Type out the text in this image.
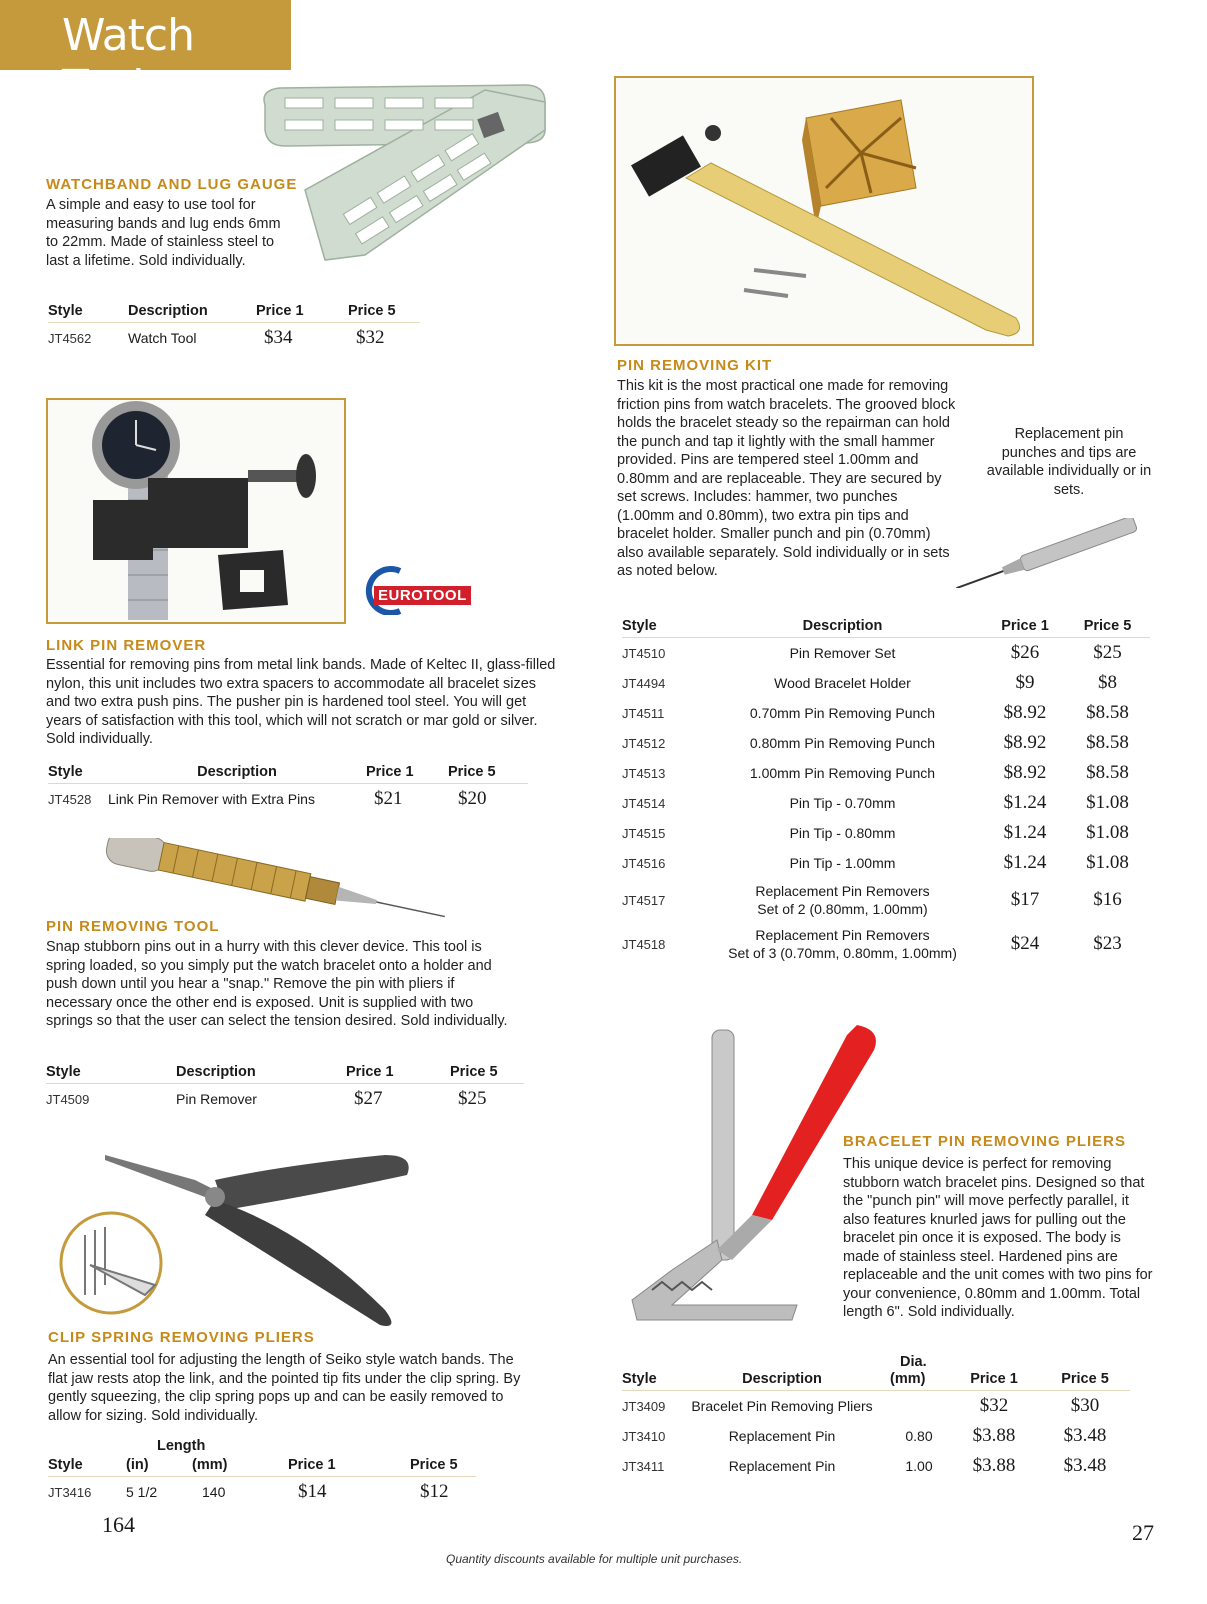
Watch Tools
WATCHBAND AND LUG GAUGE
A simple and easy to use tool for measuring bands and lug ends 6mm to 22mm. Made of stainless steel to last a lifetime. Sold individually.
Style	Description	Price 1	Price 5
JT4562	Watch Tool	$34	$32
EUROTOOL
LINK PIN REMOVER
Essential for removing pins from metal link bands. Made of Keltec II, glass-filled nylon, this unit includes two extra spacers to accommodate all bracelet sizes and two extra push pins. The pusher pin is hardened tool steel. You will get years of satisfaction with this tool, which will not scratch or mar gold or silver. Sold individually.
Style	Description	Price 1	Price 5
JT4528	Link Pin Remover with Extra Pins	$21	$20
PIN REMOVING TOOL
Snap stubborn pins out in a hurry with this clever device. This tool is spring loaded, so you simply put the watch bracelet onto a holder and push down until you hear a "snap." Remove the pin with pliers if necessary once the other end is exposed. Unit is supplied with two springs so that the user can select the tension desired. Sold individually.
Style	Description	Price 1	Price 5
JT4509	Pin Remover	$27	$25
CLIP SPRING REMOVING PLIERS
An essential tool for adjusting the length of Seiko style watch bands. The flat jaw rests atop the link, and the pointed tip fits under the clip spring. By gently squeezing, the clip spring pops up and can be easily removed to allow for sizing. Sold individually.
Length
Style	(in)	(mm)	Price 1	Price 5
JT3416	5 1/2	140	$14	$12
PIN REMOVING KIT
This kit is the most practical one made for removing friction pins from watch bracelets. The grooved block holds the bracelet steady so the repairman can hold the punch and tap it lightly with the small hammer provided. Pins are tempered steel 1.00mm and 0.80mm and are replaceable. They are secured by set screws. Includes: hammer, two punches (1.00mm and 0.80mm), two extra pin tips and bracelet holder. Smaller punch and pin (0.70mm) also available separately. Sold individually or in sets as noted below.
Replacement pin punches and tips are available individually or in sets.
Style	Description	Price 1	Price 5
JT4510	Pin Remover Set	$26	$25
JT4494	Wood Bracelet Holder	$9	$8
JT4511	0.70mm Pin Removing Punch	$8.92	$8.58
JT4512	0.80mm Pin Removing Punch	$8.92	$8.58
JT4513	1.00mm Pin Removing Punch	$8.92	$8.58
JT4514	Pin Tip - 0.70mm	$1.24	$1.08
JT4515	Pin Tip - 0.80mm	$1.24	$1.08
JT4516	Pin Tip - 1.00mm	$1.24	$1.08
JT4517	Replacement Pin Removers
Set of 2 (0.80mm, 1.00mm)	$17	$16
JT4518	Replacement Pin Removers
Set of 3 (0.70mm, 0.80mm, 1.00mm)	$24	$23
BRACELET PIN REMOVING PLIERS
This unique device is perfect for removing stubborn watch bracelet pins. Designed so that the "punch pin" will move perfectly parallel, it also features knurled jaws for pulling out the bracelet pin once it is exposed. The body is made of stainless steel. Hardened pins are replaceable and the unit comes with two pins for your convenience, 0.80mm and 1.00mm. Total length 6". Sold individually.
Dia.
Style	Description	(mm)	Price 1	Price 5
JT3409	Bracelet Pin Removing Pliers		$32	$30
JT3410	Replacement Pin	0.80	$3.88	$3.48
JT3411	Replacement Pin	1.00	$3.88	$3.48
164
Quantity discounts available for multiple unit purchases.
27
